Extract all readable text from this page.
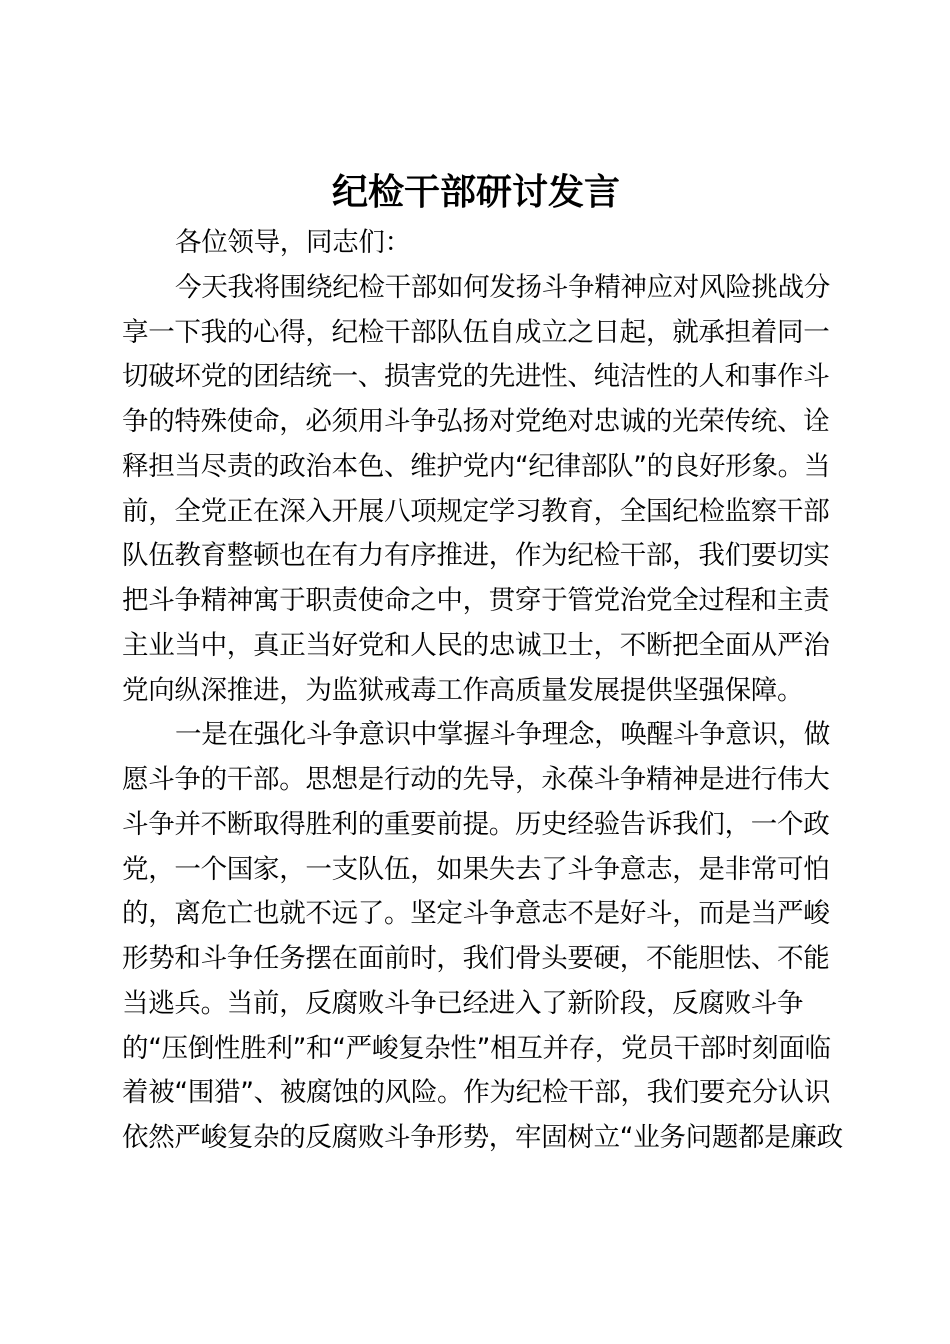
纪检干部研讨发言
各位领导，同志们：
今天我将围绕纪检干部如何发扬斗争精神应对风险挑战分
享一下我的心得，纪检干部队伍自成立之日起，就承担着同一
切破坏党的团结统一、损害党的先进性、纯洁性的人和事作斗
争的特殊使命，必须用斗争弘扬对党绝对忠诚的光荣传统、诠
释担当尽责的政治本色、维护党内“纪律部队”的良好形象。当
前，全党正在深入开展八项规定学习教育，全国纪检监察干部
队伍教育整顿也在有力有序推进，作为纪检干部，我们要切实
把斗争精神寓于职责使命之中，贯穿于管党治党全过程和主责
主业当中，真正当好党和人民的忠诚卫士，不断把全面从严治
党向纵深推进，为监狱戒毒工作高质量发展提供坚强保障。
一是在强化斗争意识中掌握斗争理念，唤醒斗争意识，做
愿斗争的干部。思想是行动的先导，永葆斗争精神是进行伟大
斗争并不断取得胜利的重要前提。历史经验告诉我们，一个政
党，一个国家，一支队伍，如果失去了斗争意志，是非常可怕
的，离危亡也就不远了。坚定斗争意志不是好斗，而是当严峻
形势和斗争任务摆在面前时，我们骨头要硬，不能胆怯、不能
当逃兵。当前，反腐败斗争已经进入了新阶段，反腐败斗争
的“压倒性胜利”和“严峻复杂性”相互并存，党员干部时刻面临
着被“围猎”、被腐蚀的风险。作为纪检干部，我们要充分认识
依然严峻复杂的反腐败斗争形势，牢固树立“业务问题都是廉政
